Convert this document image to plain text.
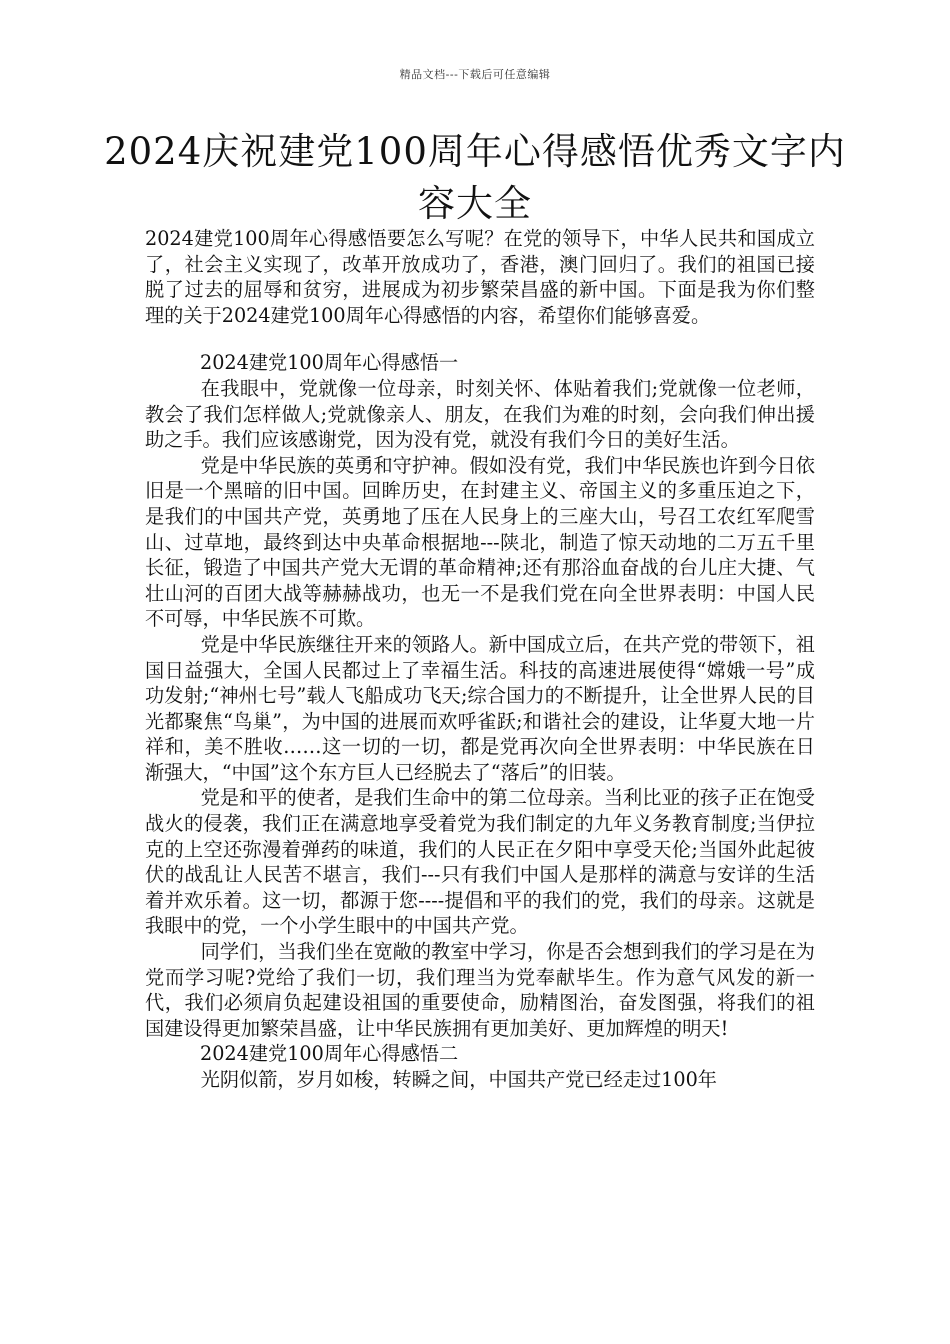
精品文档---下载后可任意编辑
2024庆祝建党100周年心得感悟优秀文字内容大全

2024建党100周年心得感悟要怎么写呢？在党的领导下，中华人民共和国成立了，社会主义实现了，改革开放成功了，香港，澳门回归了。我们的祖国已接脱了过去的屈辱和贫穷，进展成为初步繁荣昌盛的新中国。下面是我为你们整理的关于2024建党100周年心得感悟的内容，希望你们能够喜爱。

2024建党100周年心得感悟一

在我眼中，党就像一位母亲，时刻关怀、体贴着我们;党就像一位老师，教会了我们怎样做人;党就像亲人、朋友，在我们为难的时刻，会向我们伸出援助之手。我们应该感谢党，因为没有党，就没有我们今日的美好生活。

党是中华民族的英勇和守护神。假如没有党，我们中华民族也许到今日依旧是一个黑暗的旧中国。回眸历史，在封建主义、帝国主义的多重压迫之下，是我们的中国共产党，英勇地了压在人民身上的三座大山，号召工农红军爬雪山、过草地，最终到达中央革命根据地---陕北，制造了惊天动地的二万五千里长征，锻造了中国共产党大无谓的革命精神;还有那浴血奋战的台儿庄大捷、气壮山河的百团大战等赫赫战功，也无一不是我们党在向全世界表明：中国人民不可辱，中华民族不可欺。

党是中华民族继往开来的领路人。新中国成立后，在共产党的带领下，祖国日益强大，全国人民都过上了幸福生活。科技的高速进展使得“嫦娥一号”成功发射;“神州七号”载人飞船成功飞天;综合国力的不断提升，让全世界人民的目光都聚焦“鸟巢”，为中国的进展而欢呼雀跃;和谐社会的建设，让华夏大地一片祥和，美不胜收……这一切的一切，都是党再次向全世界表明：中华民族在日渐强大，“中国”这个东方巨人已经脱去了“落后”的旧装。

党是和平的使者，是我们生命中的第二位母亲。当利比亚的孩子正在饱受战火的侵袭，我们正在满意地享受着党为我们制定的九年义务教育制度;当伊拉克的上空还弥漫着弹药的味道，我们的人民正在夕阳中享受天伦;当国外此起彼伏的战乱让人民苦不堪言，我们---只有我们中国人是那样的满意与安详的生活着并欢乐着。这一切，都源于您----提倡和平的我们的党，我们的母亲。这就是我眼中的党，一个小学生眼中的中国共产党。

同学们，当我们坐在宽敞的教室中学习，你是否会想到我们的学习是在为党而学习呢?党给了我们一切，我们理当为党奉献毕生。作为意气风发的新一代，我们必须肩负起建设祖国的重要使命，励精图治，奋发图强，将我们的祖国建设得更加繁荣昌盛，让中华民族拥有更加美好、更加辉煌的明天!

2024建党100周年心得感悟二

光阴似箭，岁月如梭，转瞬之间，中国共产党已经走过100年
